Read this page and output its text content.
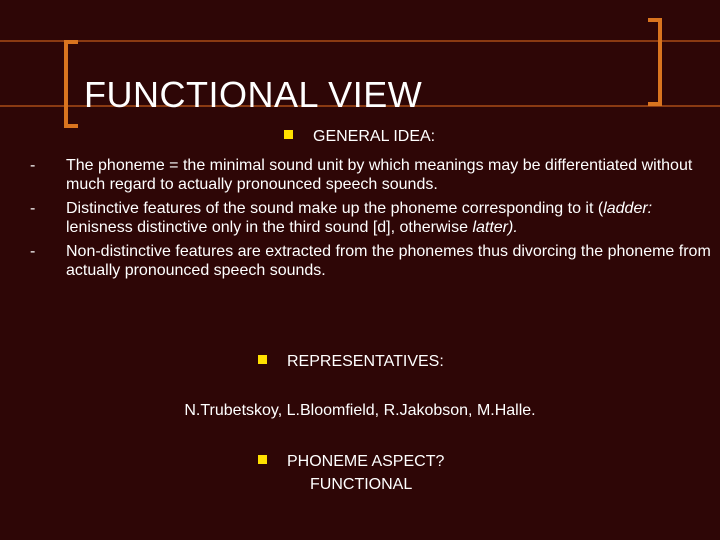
FUNCTIONAL VIEW
GENERAL IDEA:
- The phoneme = the minimal sound unit by which meanings may be differentiated without much regard to actually pronounced speech sounds.
- Distinctive features of the sound make up the phoneme corresponding to it (ladder: lenisness distinctive only in the third sound [d], otherwise latter).
- Non-distinctive features are extracted from the phonemes thus divorcing the phoneme from actually pronounced speech sounds.
REPRESENTATIVES:
N.Trubetskoy, L.Bloomfield, R.Jakobson, M.Halle.
PHONEME ASPECT?
FUNCTIONAL
